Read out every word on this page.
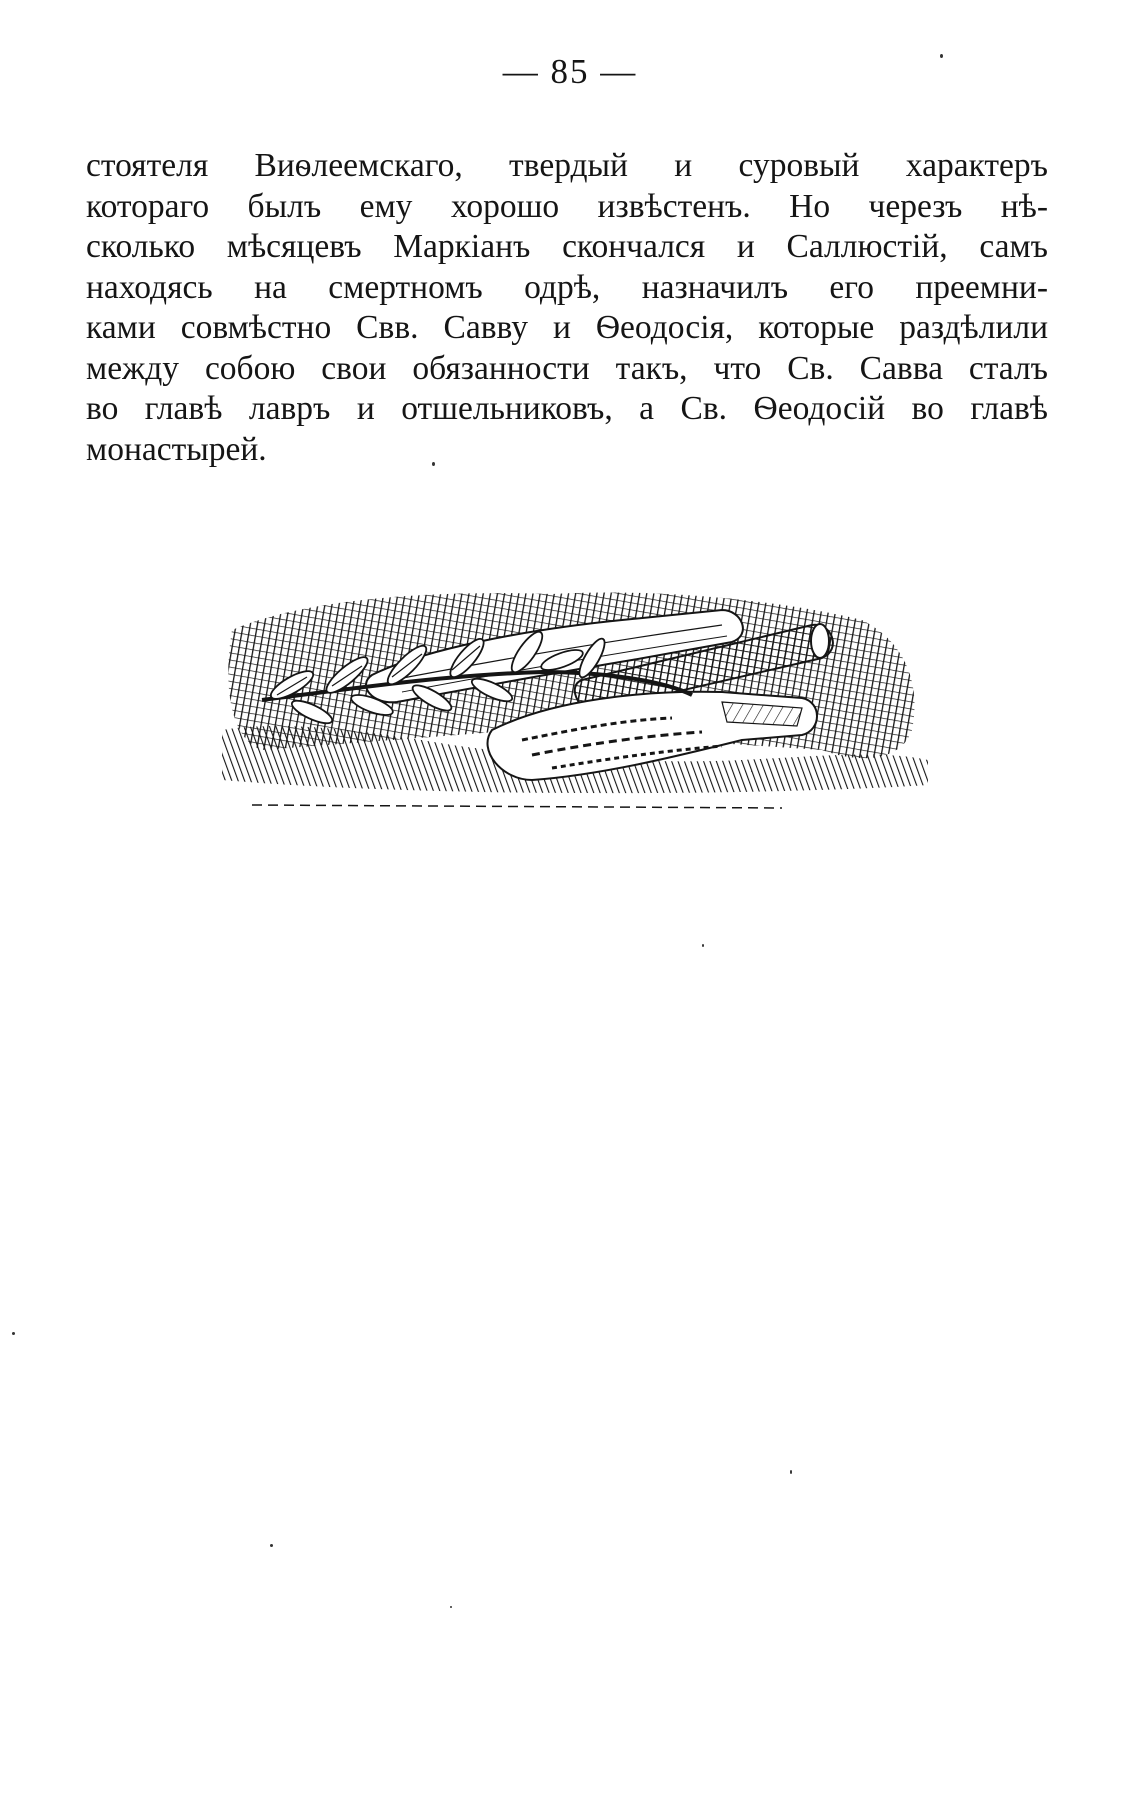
— 85 —
стоятеля Виѳлеемскаго, твердый и суровый характеръ
котораго былъ ему хорошо извѣстенъ. Но черезъ нѣ-
сколько мѣсяцевъ Маркіанъ скончался и Саллюстій, самъ
находясь на смертномъ одрѣ, назначилъ его преемни-
ками совмѣстно Свв. Савву и Ѳеодосія, которые раздѣлили
между собою свои обязанности такъ, что Св. Савва сталъ
во главѣ лавръ и отшельниковъ, а Св. Ѳеодосій во главѣ
монастырей.
